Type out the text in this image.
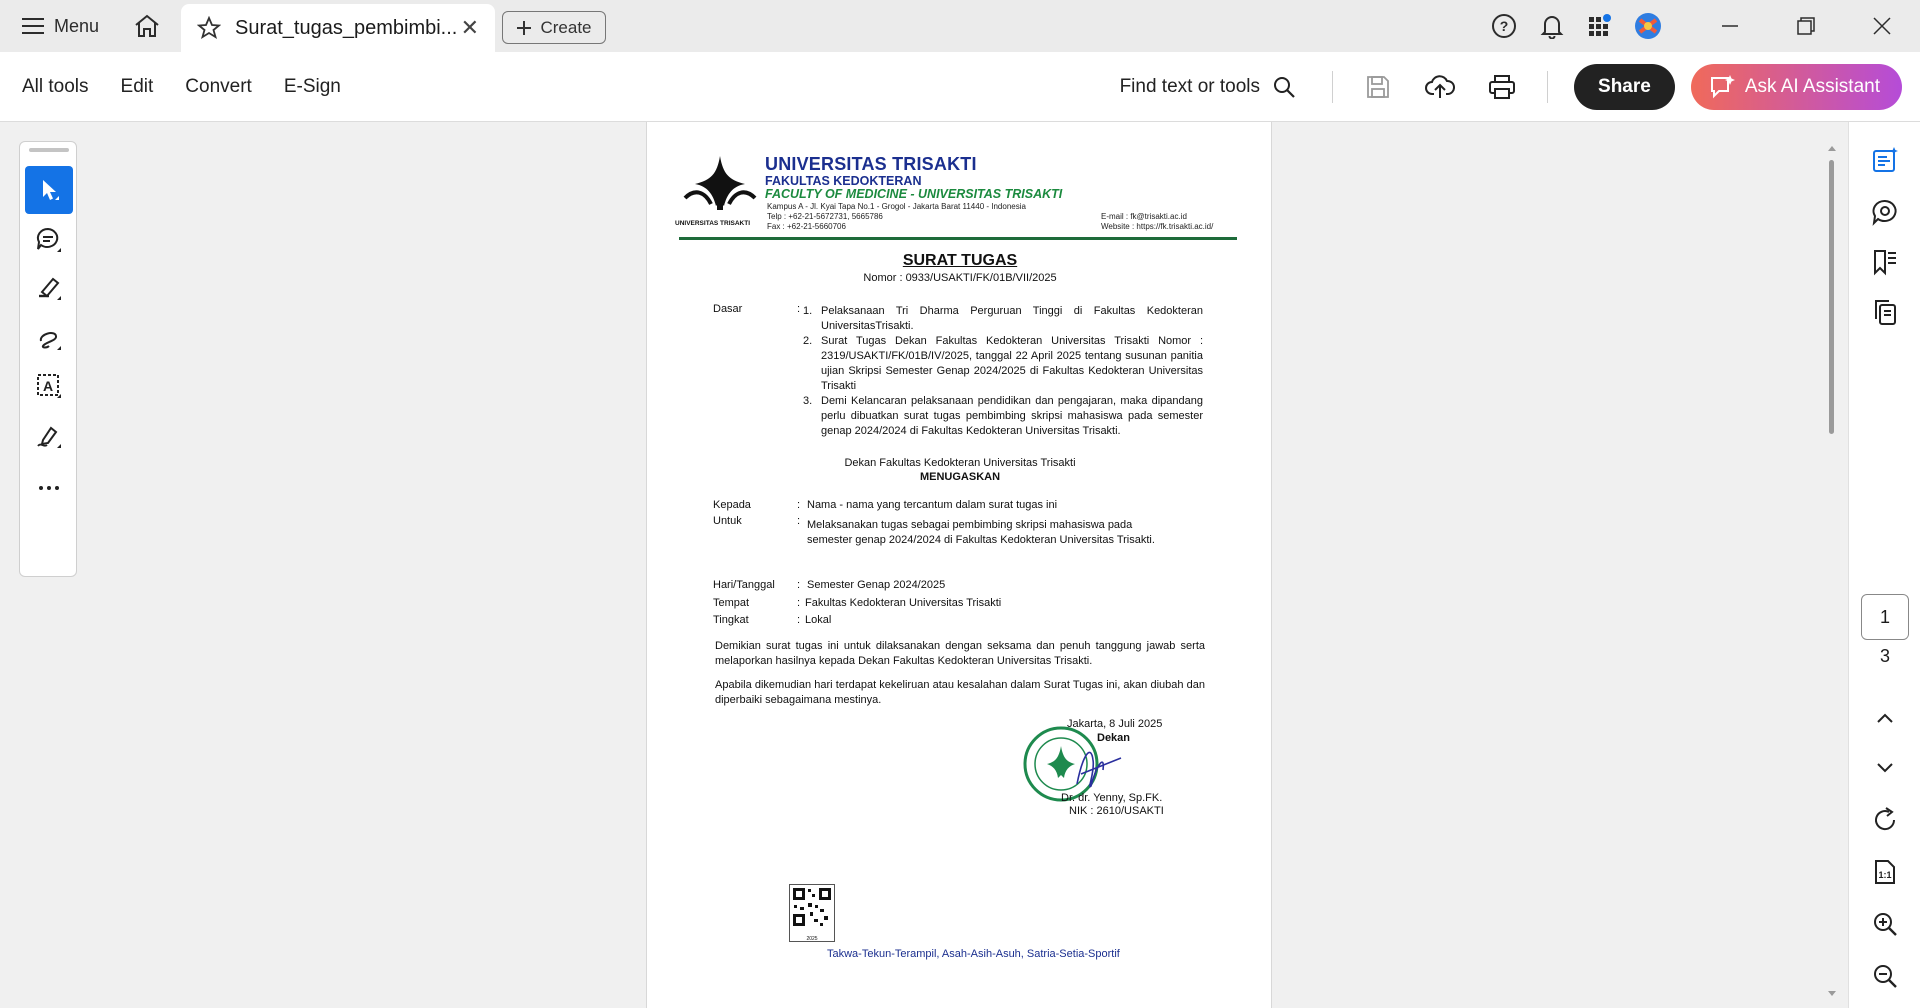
Menu	Surat_tugas_pembimbi... ✕	Create	?
All tools Edit Convert E-Sign	Find text or tools	Share	Ask AI Assistant
A
UNIVERSITAS TRISAKTI
UNIVERSITAS TRISAKTI
FAKULTAS KEDOKTERAN
FACULTY OF MEDICINE - UNIVERSITAS TRISAKTI
Kampus A - Jl. Kyai Tapa No.1 - Grogol - Jakarta Barat 11440 - Indonesia
Telp : +62-21-5672731, 5665786
Fax : +62-21-5660706
E-mail : fk@trisakti.ac.id
Website : https://fk.trisakti.ac.id/
SURAT TUGAS
Nomor : 0933/USAKTI/FK/01B/VII/2025
Dasar	: 1. Pelaksanaan Tri Dharma Perguruan Tinggi di Fakultas Kedokteran UniversitasTrisakti.
2. Surat Tugas Dekan Fakultas Kedokteran Universitas Trisakti Nomor : 2319/USAKTI/FK/01B/IV/2025, tanggal 22 April 2025 tentang susunan panitia ujian Skripsi Semester Genap 2024/2025 di Fakultas Kedokteran Universitas Trisakti
3. Demi Kelancaran pelaksanaan pendidikan dan pengajaran, maka dipandang perlu dibuatkan surat tugas pembimbing skripsi mahasiswa pada semester genap 2024/2024 di Fakultas Kedokteran Universitas Trisakti.
Dekan Fakultas Kedokteran Universitas Trisakti
MENUGASKAN
Kepada	: Nama - nama yang tercantum dalam surat tugas ini
Untuk	: Melaksanakan tugas sebagai pembimbing skripsi mahasiswa pada semester genap 2024/2024 di Fakultas Kedokteran Universitas Trisakti.
Hari/Tanggal : Semester Genap 2024/2025
Tempat	: Fakultas Kedokteran Universitas Trisakti
Tingkat	: Lokal
Demikian surat tugas ini untuk dilaksanakan dengan seksama dan penuh tanggung jawab serta melaporkan hasilnya kepada Dekan Fakultas Kedokteran Universitas Trisakti.
Apabila dikemudian hari terdapat kekeliruan atau kesalahan dalam Surat Tugas ini, akan diubah dan diperbaiki sebagaimana mestinya.
Jakarta, 8 Juli 2025
Dekan
Dr. dr. Yenny, Sp.FK.
NIK : 2610/USAKTI
2025
Takwa-Tekun-Terampil, Asah-Asih-Asuh, Satria-Setia-Sportif
1
3
1:1
